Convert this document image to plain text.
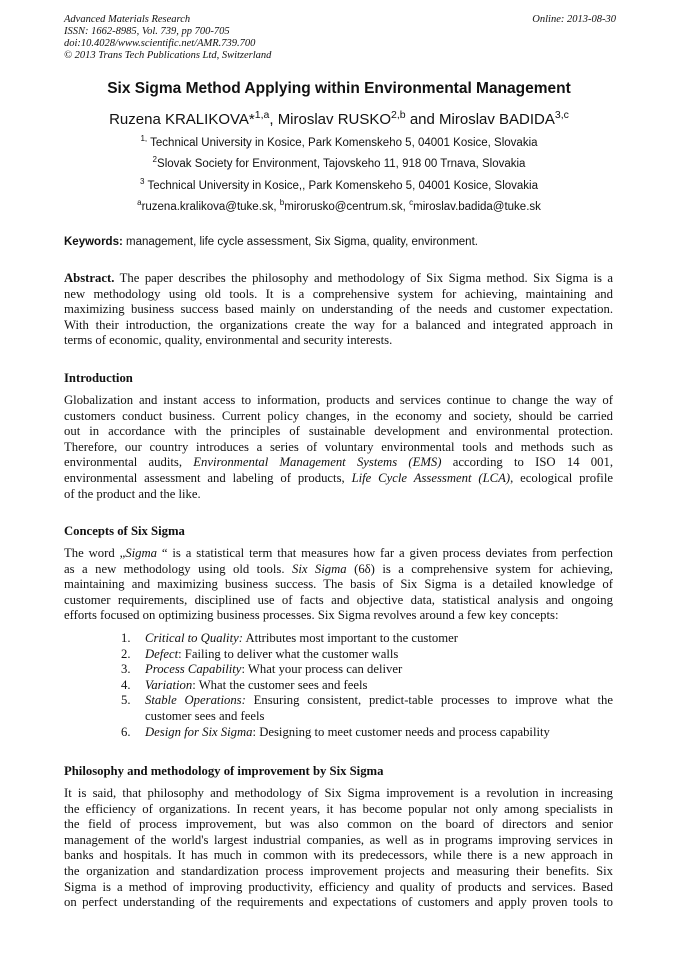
Advanced Materials Research
ISSN: 1662-8985, Vol. 739, pp 700-705
doi:10.4028/www.scientific.net/AMR.739.700
© 2013 Trans Tech Publications Ltd, Switzerland
Online: 2013-08-30
Six Sigma Method Applying within Environmental Management
Ruzena KRALIKOVA*$^{1,a}$, Miroslav RUSKO$^{2,b}$ and Miroslav BADIDA$^{3,c}$
$^{1,}$ Technical University in Kosice, Park Komenskeho 5, 04001 Kosice, Slovakia
$^2$Slovak Society for Environment, Tajovskeho 11, 918 00 Trnava, Slovakia
$^3$ Technical University in Kosice,, Park Komenskeho 5, 04001 Kosice, Slovakia
$^a$ruzena.kralikova@tuke.sk, $^b$mirorusko@centrum.sk, $^c$miroslav.badida@tuke.sk
Keywords: management, life cycle assessment, Six Sigma, quality, environment.
Abstract. The paper describes the philosophy and methodology of Six Sigma method. Six Sigma is a
new methodology using old tools. It is a comprehensive system for achieving, maintaining and
maximizing business success based mainly on understanding of the needs and customer expectation.
With their introduction, the organizations create the way for a balanced and integrated approach in
terms of economic, quality, environmental and security interests.
Introduction
Globalization and instant access to information, products and services continue to change the way of
customers conduct business. Current policy changes, in the economy and society, should be carried
out in accordance with the principles of sustainable development and environmental protection.
Therefore, our country introduces a series of voluntary environmental tools and methods such as
environmental audits, Environmental Management Systems (EMS) according to ISO 14 001,
environmental assessment and labeling of products, Life Cycle Assessment (LCA), ecological profile
of the product and the like.
Concepts of Six Sigma
The word „Sigma “ is a statistical term that measures how far a given process deviates from perfection
as a new methodology using old tools. Six Sigma (6δ) is a comprehensive system for achieving,
maintaining and maximizing business success. The basis of Six Sigma is a detailed knowledge of
customer requirements, disciplined use of facts and objective data, statistical analysis and ongoing
efforts focused on optimizing business processes. Six Sigma revolves around a few key concepts:
1. Critical to Quality: Attributes most important to the customer
2. Defect: Failing to deliver what the customer walls
3. Process Capability: What your process can deliver
4. Variation: What the customer sees and feels
5. Stable Operations: Ensuring consistent, predict-table processes to improve what the customer sees and feels
6. Design for Six Sigma: Designing to meet customer needs and process capability
Philosophy and methodology of improvement by Six Sigma
It is said, that philosophy and methodology of Six Sigma improvement is a revolution in increasing
the efficiency of organizations. In recent years, it has become popular not only among specialists in
the field of process improvement, but was also common on the board of directors and senior
management of the world's largest industrial companies, as well as in programs improving services in
banks and hospitals. It has much in common with its predecessors, while there is a new approach in
the organization and standardization process improvement projects and measuring their benefits. Six
Sigma is a method of improving productivity, efficiency and quality of products and services. Based
on perfect understanding of the requirements and expectations of customers and apply proven tools to
